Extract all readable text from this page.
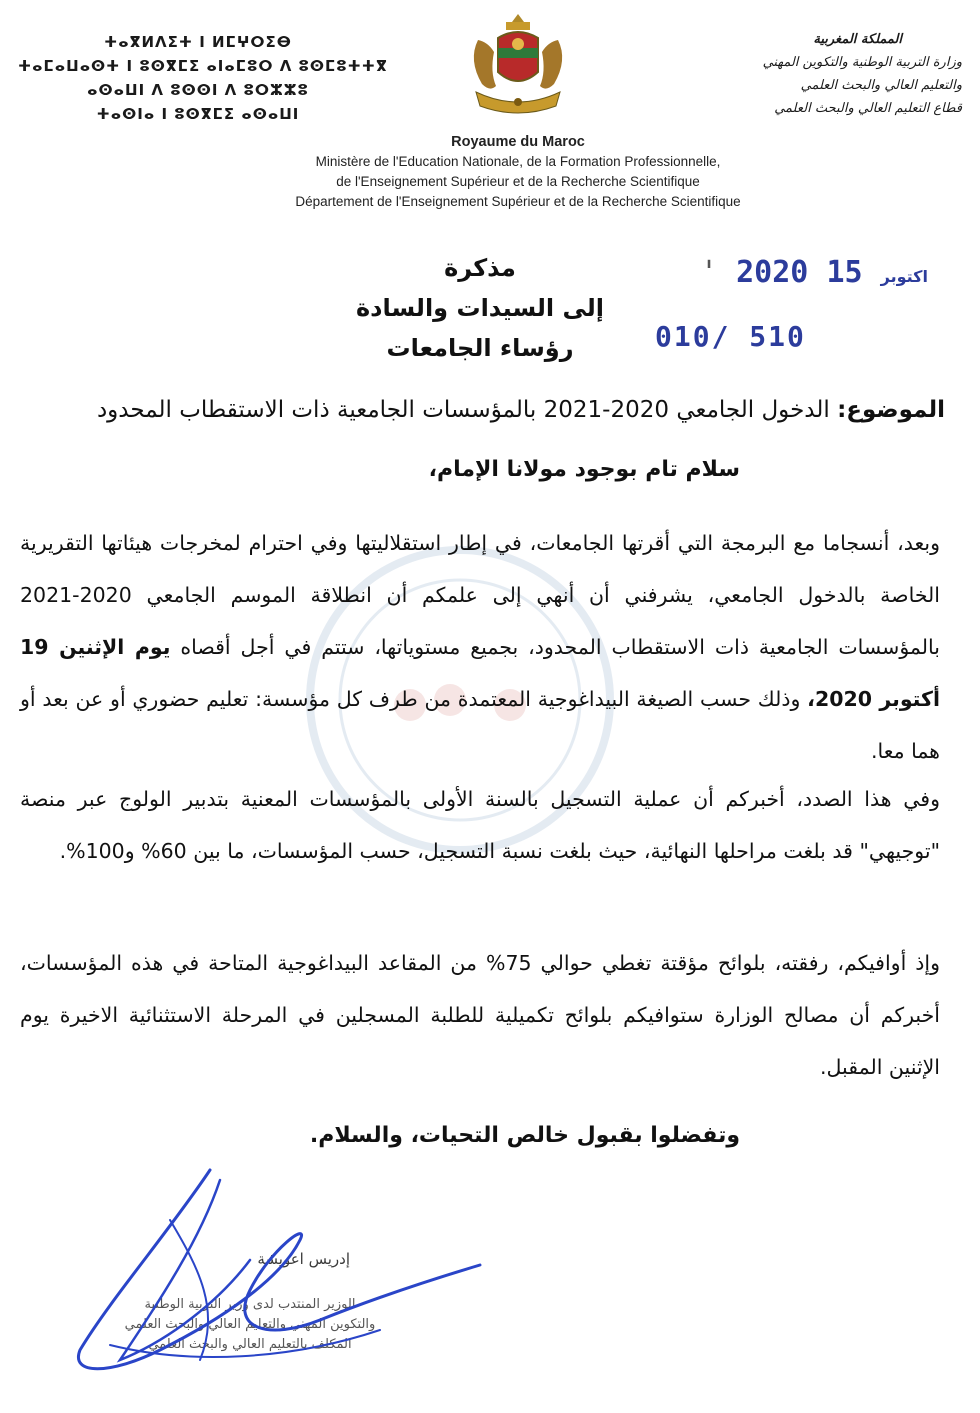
ⵜⴰⴳⵍⴷⵉⵜ ⵏ ⵍⵎⵖⵔⵉⴱ
ⵜⴰⵎⴰⵡⴰⵙⵜ ⵏ ⵓⵙⴳⵎⵉ ⴰⵏⴰⵎⵓⵔ ⴷ ⵓⵙⵎⵓⵜⵜⴳ
ⴰⵙⴰⵡⵏ ⴷ ⵓⵙⵙⵏ ⴷ ⵓⵔⵣⵣⵓ
ⵜⴰⵙⵏⴰ ⵏ ⵓⵙⴳⵎⵉ ⴰⵙⴰⵡⵏ
المملكة المغربية
وزارة التربية الوطنية والتكوين المهني
والتعليم العالي والبحث العلمي
قطاع التعليم العالي والبحث العلمي
Royaume du Maroc
Ministère de l'Education Nationale, de la Formation Professionnelle,
de l'Enseignement Supérieur et de la Recherche Scientifique
Département de l'Enseignement Supérieur et de la Recherche Scientifique
مذكرة
إلى السيدات والسادة
رؤساء الجامعات
' 2020	اكتوبر 15
010/ 510
الموضوع: الدخول الجامعي 2020-2021 بالمؤسسات الجامعية ذات الاستقطاب المحدود
سلام تام بوجود مولانا الإمام،
وبعد، أنسجاما مع البرمجة التي أقرتها الجامعات، في إطار استقلاليتها وفي احترام لمخرجات هيئاتها التقريرية الخاصة بالدخول الجامعي، يشرفني أن أنهي إلى علمكم أن انطلاقة الموسم الجامعي 2020-2021 بالمؤسسات الجامعية ذات الاستقطاب المحدود، بجميع مستوياتها، ستتم في أجل أقصاه يوم الإثنين 19 أكتوبر 2020، وذلك حسب الصيغة البيداغوجية المعتمدة من طرف كل مؤسسة: تعليم حضوري أو عن بعد أو هما معا.
وفي هذا الصدد، أخبركم أن عملية التسجيل بالسنة الأولى بالمؤسسات المعنية بتدبير الولوج عبر منصة "توجيهي" قد بلغت مراحلها النهائية، حيث بلغت نسبة التسجيل، حسب المؤسسات، ما بين 60% و100%.
وإذ أوافيكم، رفقته، بلوائح مؤقتة تغطي حوالي 75% من المقاعد البيداغوجية المتاحة في هذه المؤسسات، أخبركم أن مصالح الوزارة ستوافيكم بلوائح تكميلية للطلبة المسجلين في المرحلة الاستثنائية الاخيرة يوم الإثنين المقبل.
وتفضلوا بقبول خالص التحيات، والسلام.
إدريس اعويشة
الوزير المنتدب لدى وزير التربية الوطنية
والتكوين المهني والتعليم العالي والبحث العلمي
المكلف بالتعليم العالي والبحث العلمي
